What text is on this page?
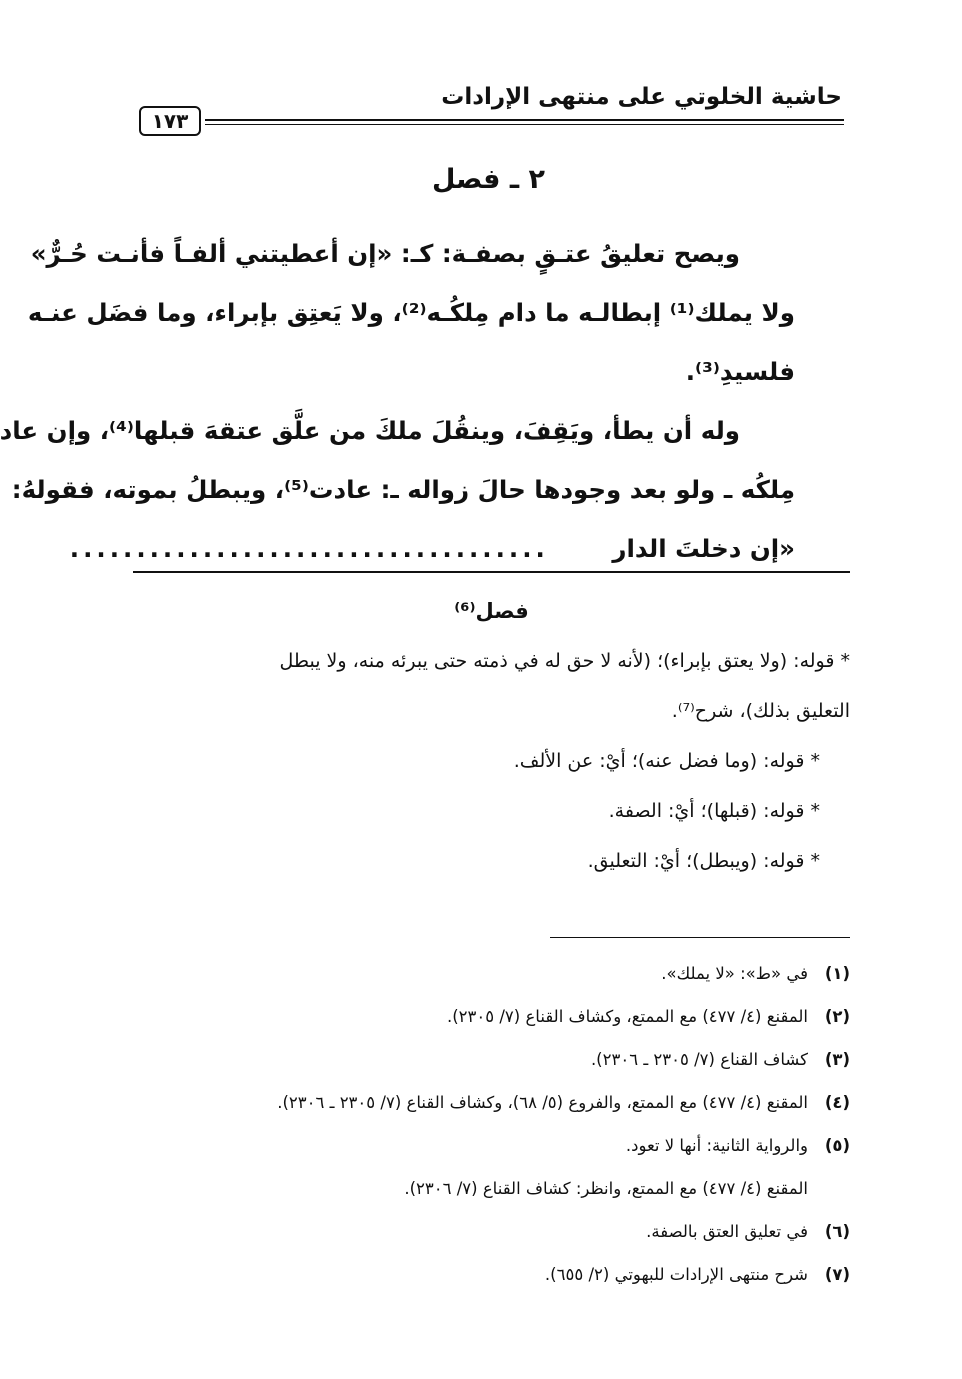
حاشية الخلوتي على منتهى الإرادات
١٧٣
٢ ـ فصل
ويصح تعليقُ عتـقٍ بصفـة: كـ: «إن أعطيتني ألفـاً فأنـت حُـرٌّ»
ولا يملك⁽¹⁾ إبطالـه ما دام مِلكُـه⁽²⁾، ولا يَعتِق بإبراء، وما فضَل عنـه
فلسيدِ⁽³⁾.
وله أن يطأ، ويَقِفَ، وينقُلَ ملكَ من علَّق عتقهَ قبلها⁽⁴⁾، وإن عاد
مِلكُه ـ ولو بعد وجودها حالَ زواله ـ: عادت⁽⁵⁾، ويبطلُ بموته، فقولهُ:
«إن دخلتَ الدار ....................................
فصل⁽⁶⁾
* قوله: (ولا يعتق بإبراء)؛ (لأنه لا حق له في ذمته حتى يبرئه منه، ولا يبطل
التعليق بذلك)، شرح⁽⁷⁾.
* قوله: (وما فضل عنه)؛ أيْ: عن الألف.
* قوله: (قبلها)؛ أيْ: الصفة.
* قوله: (ويبطل)؛ أيْ: التعليق.
(١)في «ط»: «لا يملك».
(٢)المقنع (٤/ ٤٧٧) مع الممتع، وكشاف القناع (٧/ ٢٣٠٥).
(٣)كشاف القناع (٧/ ٢٣٠٥ ـ ٢٣٠٦).
(٤)المقنع (٤/ ٤٧٧) مع الممتع، والفروع (٥/ ٦٨)، وكشاف القناع (٧/ ٢٣٠٥ ـ ٢٣٠٦).
(٥)والرواية الثانية: أنها لا تعود.
المقنع (٤/ ٤٧٧) مع الممتع، وانظر: كشاف القناع (٧/ ٢٣٠٦).
(٦)في تعليق العتق بالصفة.
(٧)شرح منتهى الإرادات للبهوتي (٢/ ٦٥٥).
